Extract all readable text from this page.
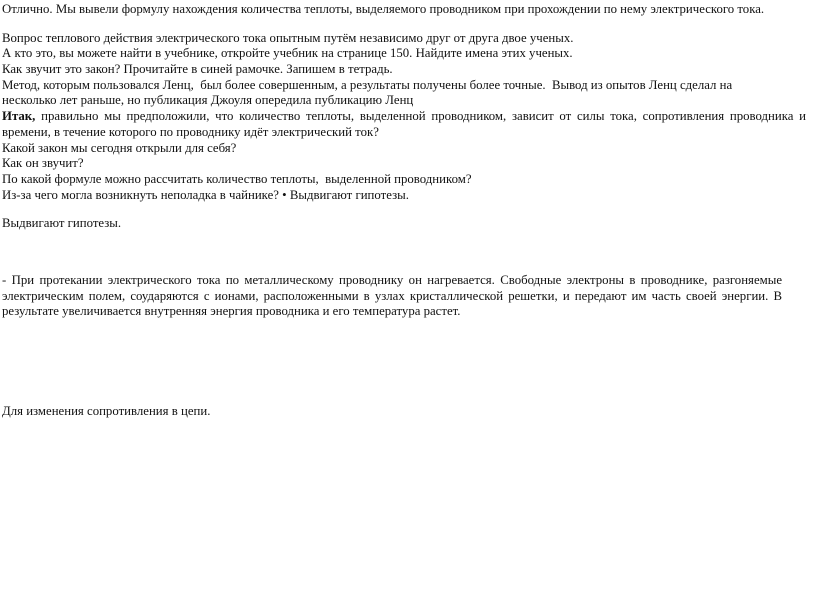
Отлично. Мы вывели формулу нахождения количества теплоты, выделяемого проводником при прохождении по нему электрического тока.
Вопрос теплового действия электрического тока опытным путём независимо друг от друга двое ученых.
А кто это, вы можете найти в учебнике, откройте учебник на странице 150. Найдите имена этих ученых.
Как звучит это закон? Прочитайте в синей рамочке. Запишем в тетрадь.
Метод, которым пользовался Ленц,  был более совершенным, а результаты получены более точные.  Вывод из опытов Ленц сделал на
несколько лет раньше, но публикация Джоуля опередила публикацию Ленц
Итак, правильно мы предположили, что количество теплоты, выделенной проводником, зависит от силы тока, сопротивления проводника и
времени, в течение которого по проводнику идёт электрический ток?
Какой закон мы сегодня открыли для себя?
Как он звучит?
По какой формуле можно рассчитать количество теплоты,  выделенной проводником?
Из-за чего могла возникнуть неполадка в чайнике? • Выдвигают гипотезы.
Выдвигают гипотезы.
- При протекании электрического тока по металлическому проводнику он нагревается. Свободные электроны в проводнике, разгоняемые
электрическим полем, соударяются с ионами, расположенными в узлах кристаллической решетки, и передают им часть своей энергии. В
результате увеличивается внутренняя энергия проводника и его температура растет.
Для изменения сопротивления в цепи.
